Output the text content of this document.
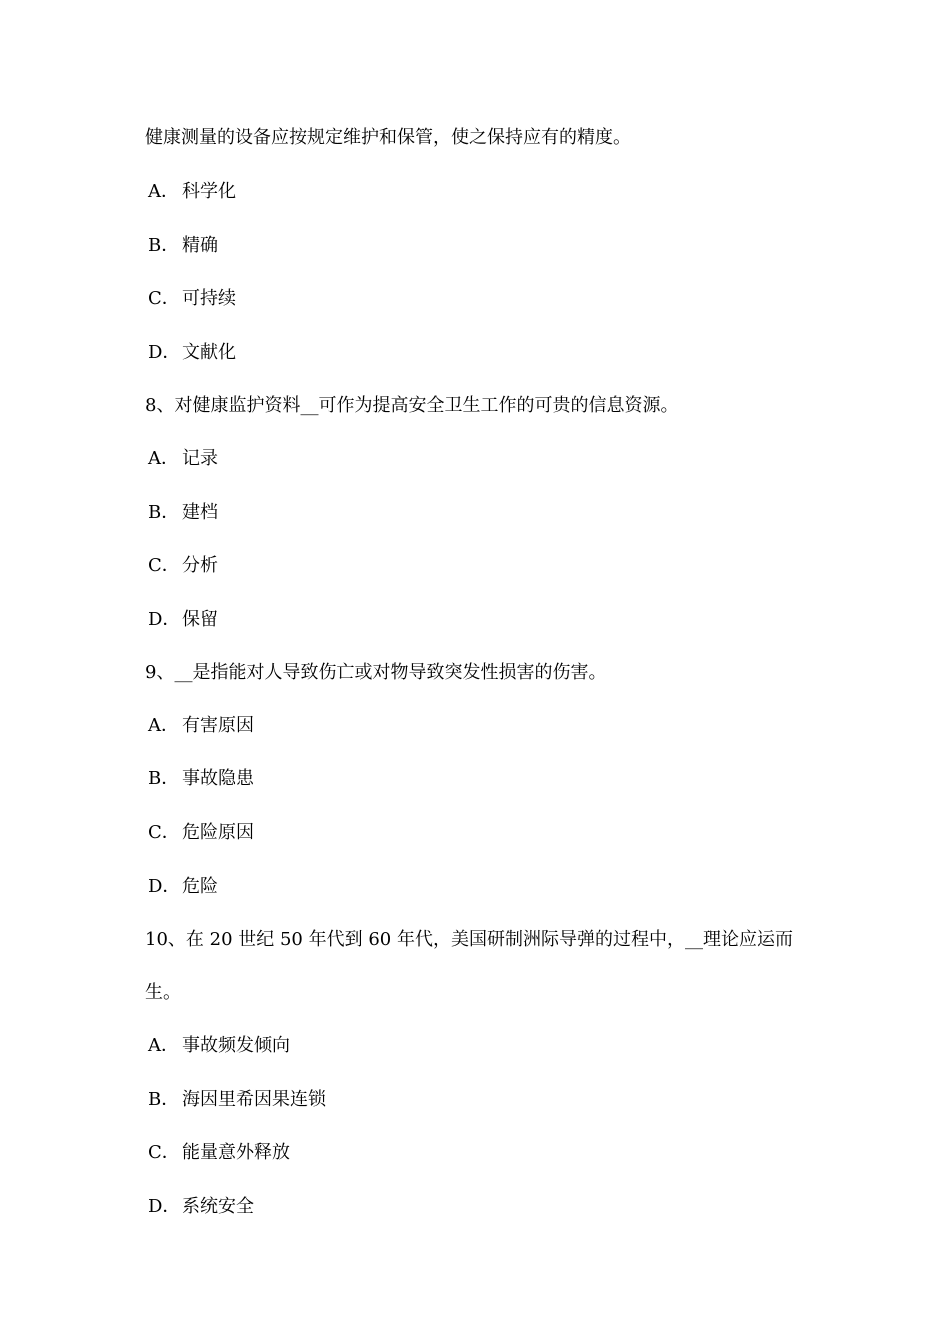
健康测量的设备应按规定维护和保管，使之保持应有的精度。
A． 科学化
B． 精确
C． 可持续
D．文献化
8、对健康监护资料__可作为提高安全卫生工作的可贵的信息资源。
A． 记录
B． 建档
C． 分析
D．保留
9、__是指能对人导致伤亡或对物导致突发性损害的伤害。
A． 有害原因
B． 事故隐患
C． 危险原因
D．危险
10、在 20 世纪 50 年代到 60 年代，美国研制洲际导弹的过程中，__理论应运而
生。
A． 事故频发倾向
B． 海因里希因果连锁
C． 能量意外释放
D．系统安全
